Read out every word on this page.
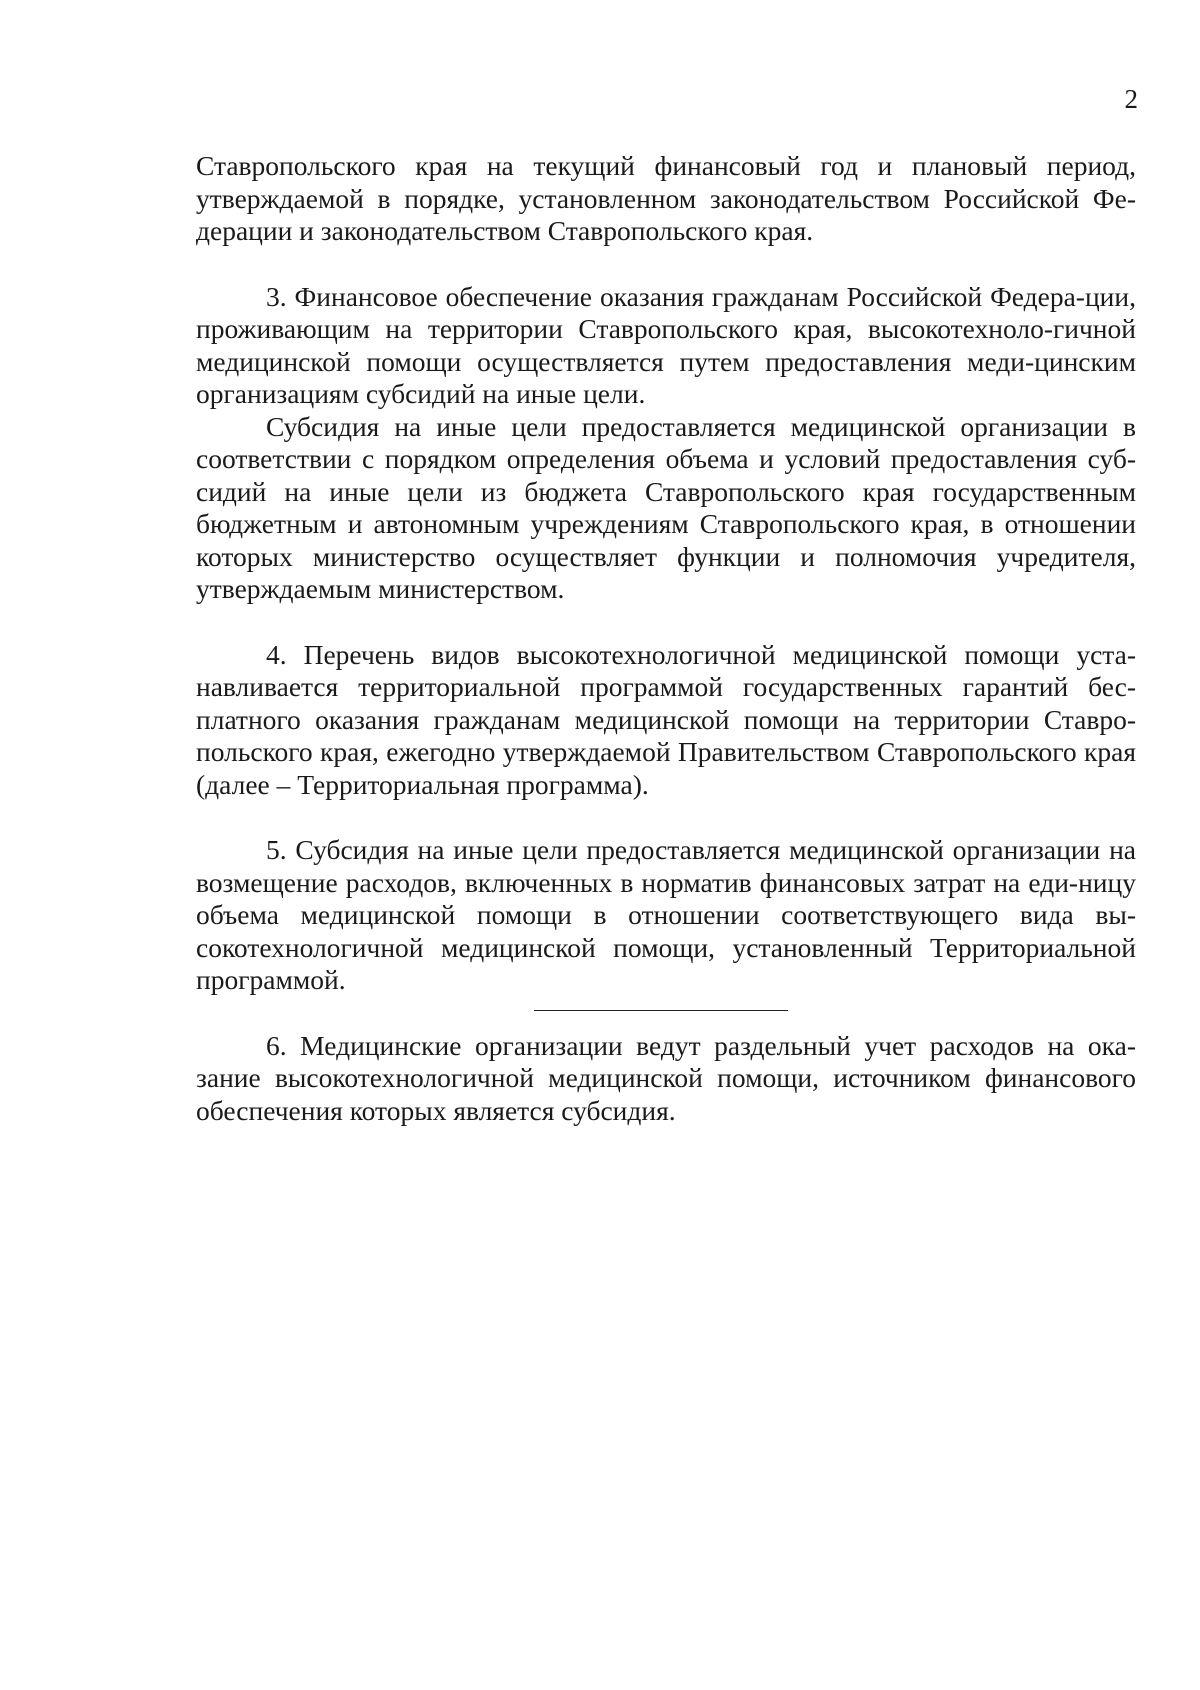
2

Ставропольского края на текущий финансовый год и плановый период, утверждаемой в порядке, установленном законодательством Российской Фе-дерации и законодательством Ставропольского края.

3. Финансовое обеспечение оказания гражданам Российской Федера-ции, проживающим на территории Ставропольского края, высокотехноло-гичной медицинской помощи осуществляется путем предоставления меди-цинским организациям субсидий на иные цели.

Субсидия на иные цели предоставляется медицинской организации в соответствии с порядком определения объема и условий предоставления суб-сидий на иные цели из бюджета Ставропольского края государственным бюджетным и автономным учреждениям Ставропольского края, в отношении которых министерство осуществляет функции и полномочия учредителя, утверждаемым министерством.

4. Перечень видов высокотехнологичной медицинской помощи уста-навливается территориальной программой государственных гарантий бес-платного оказания гражданам медицинской помощи на территории Ставро-польского края, ежегодно утверждаемой Правительством Ставропольского края (далее – Территориальная программа).

5. Субсидия на иные цели предоставляется медицинской организации на возмещение расходов, включенных в норматив финансовых затрат на еди-ницу объема медицинской помощи в отношении соответствующего вида вы-сокотехнологичной медицинской помощи, установленный Территориальной программой.

6. Медицинские организации ведут раздельный учет расходов на ока-зание высокотехнологичной медицинской помощи, источником финансового обеспечения которых является субсидия.
